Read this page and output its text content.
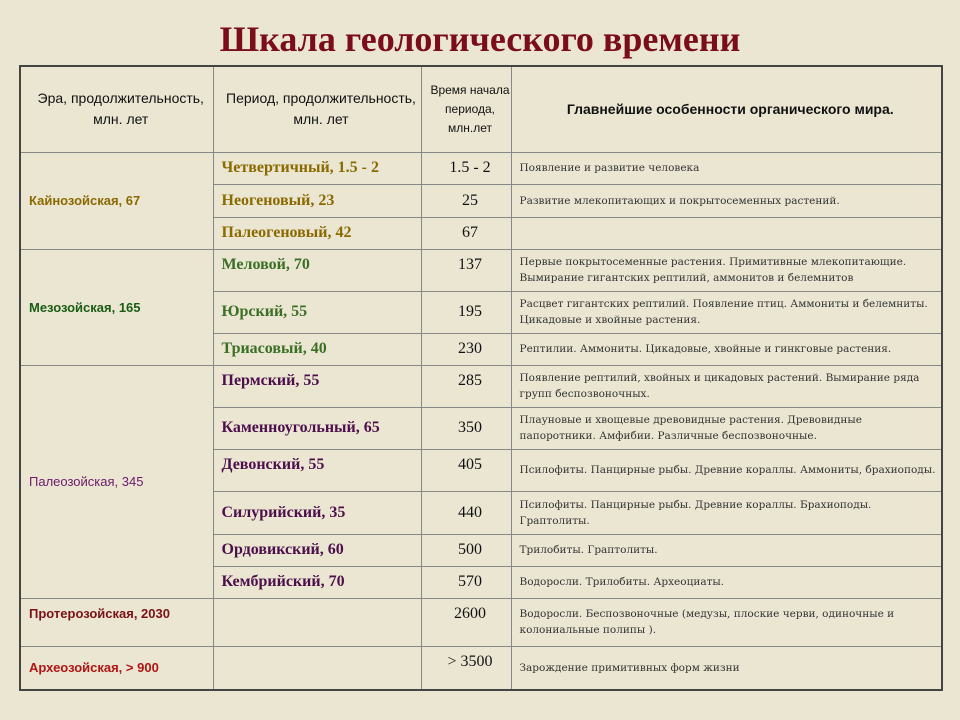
Шкала геологического времени
Эра, продолжительность, млн. лет	Период, продолжительность, млн. лет	Время начала периода, млн.лет	Главнейшие особенности органического мира.
Кайнозойская, 67	Четвертичный, 1.5 - 2	1.5 - 2	Появление и развитие человека
	Неогеновый, 23	25	Развитие млекопитающих и покрытосеменных растений.
	Палеогеновый, 42	67	
Мезозойская, 165	Меловой, 70	137	Первые покрытосеменные растения. Примитивные млекопитающие. Вымирание гигантских рептилий, аммонитов и белемнитов
	Юрский, 55	195	Расцвет гигантских рептилий. Появление птиц. Аммониты и белемниты. Цикадовые и хвойные растения.
	Триасовый, 40	230	Рептилии. Аммониты. Цикадовые, хвойные и гинкговые растения.
Палеозойская, 345	Пермский, 55	285	Появление рептилий, хвойных и цикадовых растений. Вымирание ряда групп беспозвоночных.
	Каменноугольный, 65	350	Плауновые и хвощевые древовидные растения. Древовидные папоротники. Амфибии. Различные беспозвоночные.
	Девонский, 55	405	Псилофиты. Панцирные рыбы. Древние кораллы. Аммониты, брахиоподы.
	Силурийский, 35	440	Псилофиты. Панцирные рыбы. Древние кораллы. Брахиоподы. Граптолиты.
	Ордовикский, 60	500	Трилобиты. Граптолиты.
	Кембрийский, 70	570	Водоросли. Трилобиты. Археоциаты.
Протерозойская, 2030		2600	Водоросли. Беспозвоночные (медузы, плоские черви, одиночные и колониальные полипы ).
Археозойская, > 900		> 3500	Зарождение примитивных форм жизни
